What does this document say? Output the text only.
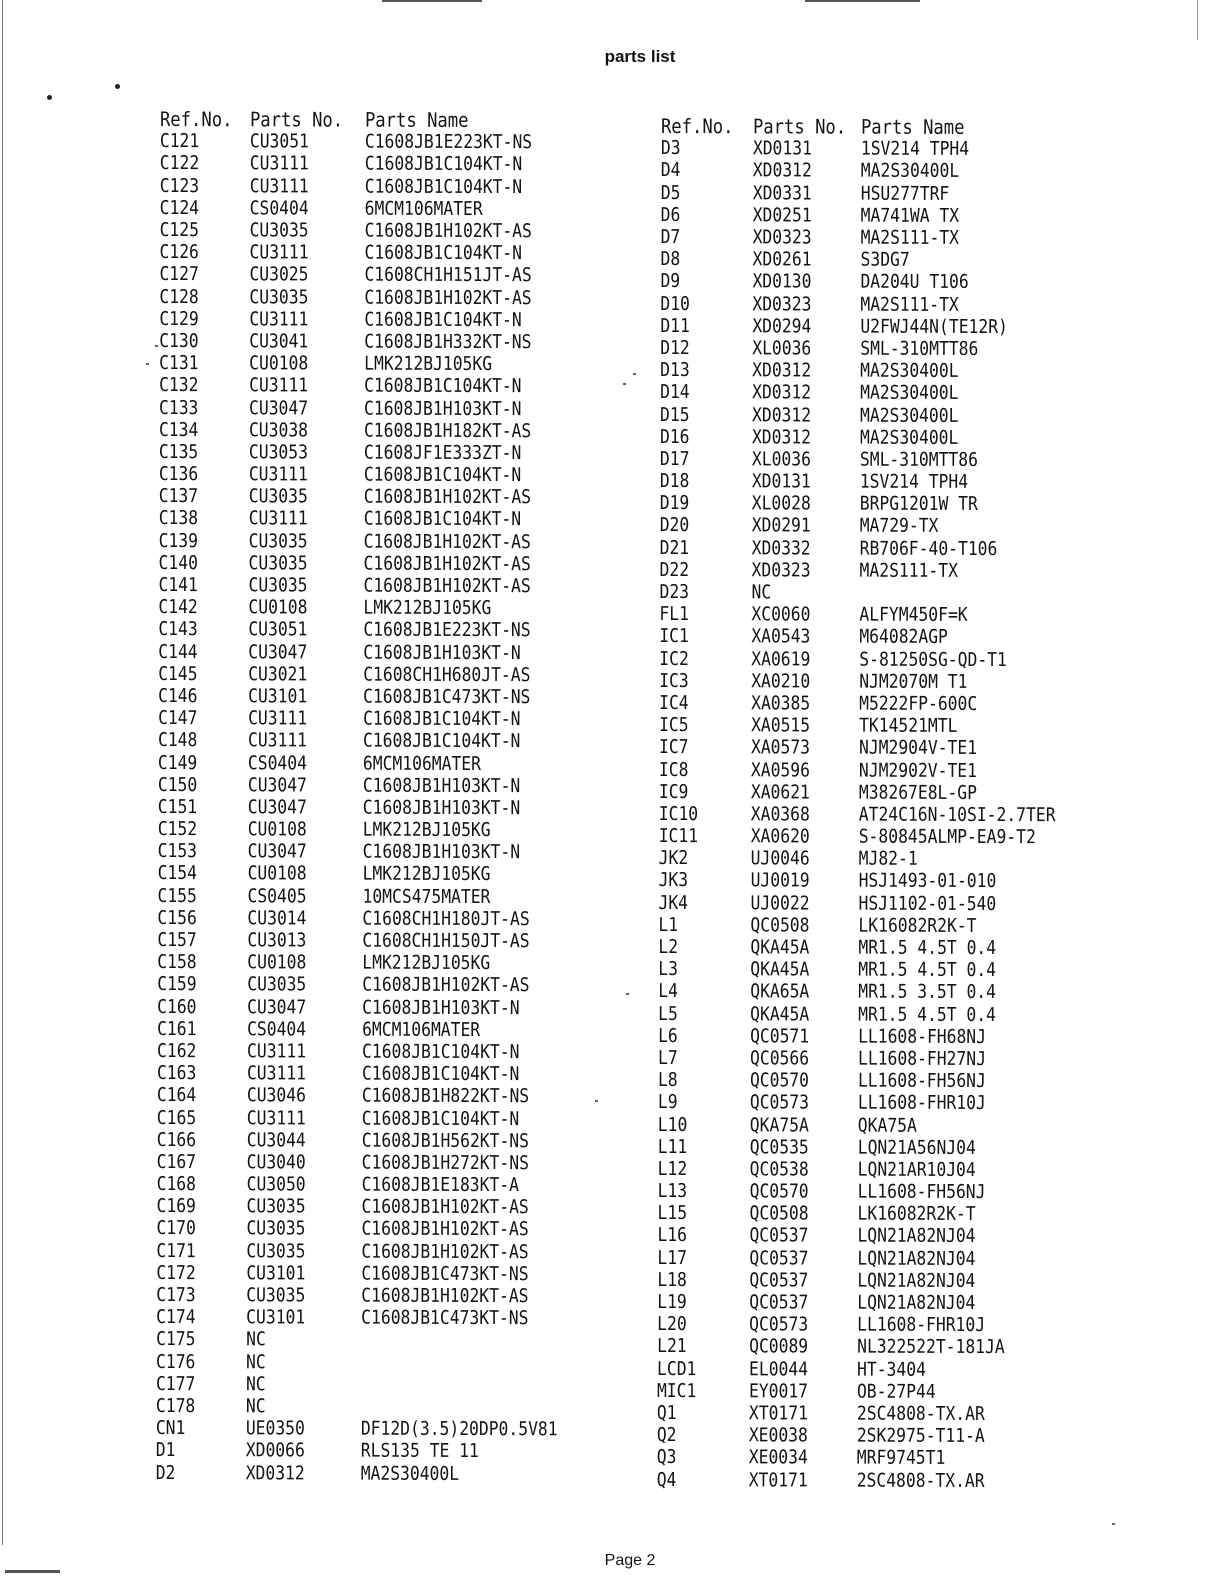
parts list
Ref.No.	Parts No.	Parts Name
C121	CU3051	C1608JB1E223KT-NS
C122	CU3111	C1608JB1C104KT-N
C123	CU3111	C1608JB1C104KT-N
C124	CS0404	6MCM106MATER
C125	CU3035	C1608JB1H102KT-AS
C126	CU3111	C1608JB1C104KT-N
C127	CU3025	C1608CH1H151JT-AS
C128	CU3035	C1608JB1H102KT-AS
C129	CU3111	C1608JB1C104KT-N
C130	CU3041	C1608JB1H332KT-NS
C131	CU0108	LMK212BJ105KG
C132	CU3111	C1608JB1C104KT-N
C133	CU3047	C1608JB1H103KT-N
C134	CU3038	C1608JB1H182KT-AS
C135	CU3053	C1608JF1E333ZT-N
C136	CU3111	C1608JB1C104KT-N
C137	CU3035	C1608JB1H102KT-AS
C138	CU3111	C1608JB1C104KT-N
C139	CU3035	C1608JB1H102KT-AS
C140	CU3035	C1608JB1H102KT-AS
C141	CU3035	C1608JB1H102KT-AS
C142	CU0108	LMK212BJ105KG
C143	CU3051	C1608JB1E223KT-NS
C144	CU3047	C1608JB1H103KT-N
C145	CU3021	C1608CH1H680JT-AS
C146	CU3101	C1608JB1C473KT-NS
C147	CU3111	C1608JB1C104KT-N
C148	CU3111	C1608JB1C104KT-N
C149	CS0404	6MCM106MATER
C150	CU3047	C1608JB1H103KT-N
C151	CU3047	C1608JB1H103KT-N
C152	CU0108	LMK212BJ105KG
C153	CU3047	C1608JB1H103KT-N
C154	CU0108	LMK212BJ105KG
C155	CS0405	10MCS475MATER
C156	CU3014	C1608CH1H180JT-AS
C157	CU3013	C1608CH1H150JT-AS
C158	CU0108	LMK212BJ105KG
C159	CU3035	C1608JB1H102KT-AS
C160	CU3047	C1608JB1H103KT-N
C161	CS0404	6MCM106MATER
C162	CU3111	C1608JB1C104KT-N
C163	CU3111	C1608JB1C104KT-N
C164	CU3046	C1608JB1H822KT-NS
C165	CU3111	C1608JB1C104KT-N
C166	CU3044	C1608JB1H562KT-NS
C167	CU3040	C1608JB1H272KT-NS
C168	CU3050	C1608JB1E183KT-A
C169	CU3035	C1608JB1H102KT-AS
C170	CU3035	C1608JB1H102KT-AS
C171	CU3035	C1608JB1H102KT-AS
C172	CU3101	C1608JB1C473KT-NS
C173	CU3035	C1608JB1H102KT-AS
C174	CU3101	C1608JB1C473KT-NS
C175	NC	
C176	NC	
C177	NC	
C178	NC	
CN1	UE0350	DF12D(3.5)20DP0.5V81
D1	XD0066	RLS135 TE 11
D2	XD0312	MA2S30400L
Ref.No.	Parts No.	Parts Name
D3	XD0131	1SV214 TPH4
D4	XD0312	MA2S30400L
D5	XD0331	HSU277TRF
D6	XD0251	MA741WA TX
D7	XD0323	MA2S111-TX
D8	XD0261	S3DG7
D9	XD0130	DA204U T106
D10	XD0323	MA2S111-TX
D11	XD0294	U2FWJ44N(TE12R)
D12	XL0036	SML-310MTT86
D13	XD0312	MA2S30400L
D14	XD0312	MA2S30400L
D15	XD0312	MA2S30400L
D16	XD0312	MA2S30400L
D17	XL0036	SML-310MTT86
D18	XD0131	1SV214 TPH4
D19	XL0028	BRPG1201W TR
D20	XD0291	MA729-TX
D21	XD0332	RB706F-40-T106
D22	XD0323	MA2S111-TX
D23	NC	
FL1	XC0060	ALFYM450F=K
IC1	XA0543	M64082AGP
IC2	XA0619	S-81250SG-QD-T1
IC3	XA0210	NJM2070M T1
IC4	XA0385	M5222FP-600C
IC5	XA0515	TK14521MTL
IC7	XA0573	NJM2904V-TE1
IC8	XA0596	NJM2902V-TE1
IC9	XA0621	M38267E8L-GP
IC10	XA0368	AT24C16N-10SI-2.7TER
IC11	XA0620	S-80845ALMP-EA9-T2
JK2	UJ0046	MJ82-1
JK3	UJ0019	HSJ1493-01-010
JK4	UJ0022	HSJ1102-01-540
L1	QC0508	LK16082R2K-T
L2	QKA45A	MR1.5 4.5T 0.4
L3	QKA45A	MR1.5 4.5T 0.4
L4	QKA65A	MR1.5 3.5T 0.4
L5	QKA45A	MR1.5 4.5T 0.4
L6	QC0571	LL1608-FH68NJ
L7	QC0566	LL1608-FH27NJ
L8	QC0570	LL1608-FH56NJ
L9	QC0573	LL1608-FHR10J
L10	QKA75A	QKA75A
L11	QC0535	LQN21A56NJ04
L12	QC0538	LQN21AR10J04
L13	QC0570	LL1608-FH56NJ
L15	QC0508	LK16082R2K-T
L16	QC0537	LQN21A82NJ04
L17	QC0537	LQN21A82NJ04
L18	QC0537	LQN21A82NJ04
L19	QC0537	LQN21A82NJ04
L20	QC0573	LL1608-FHR10J
L21	QC0089	NL322522T-181JA
LCD1	EL0044	HT-3404
MIC1	EY0017	OB-27P44
Q1	XT0171	2SC4808-TX.AR
Q2	XE0038	2SK2975-T11-A
Q3	XE0034	MRF9745T1
Q4	XT0171	2SC4808-TX.AR
Page 2
